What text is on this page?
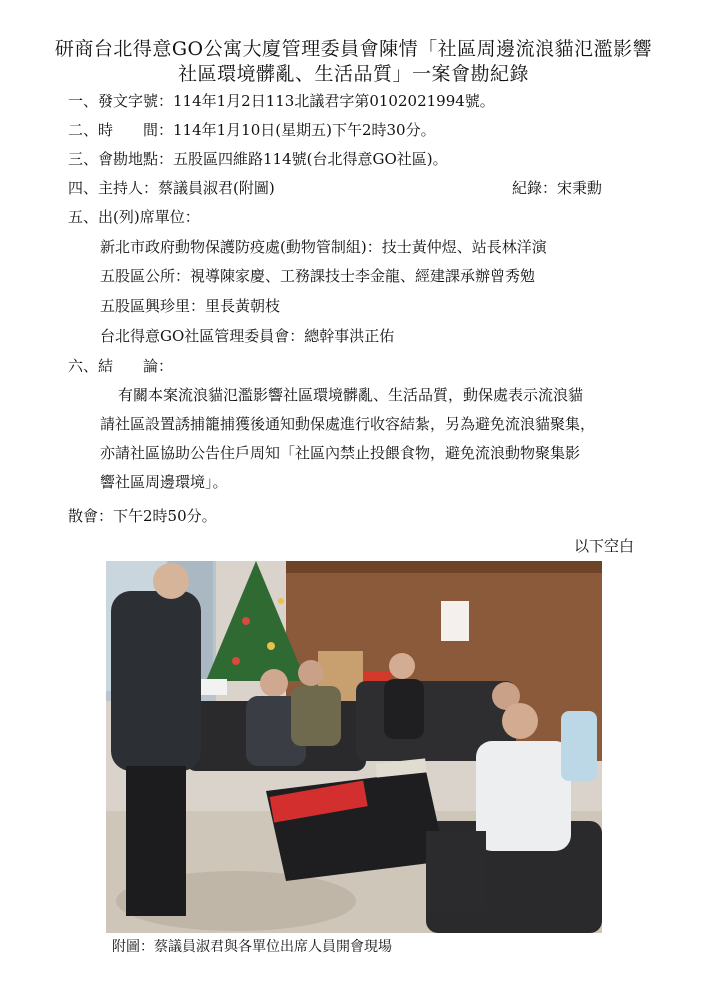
研商台北得意GO公寓大廈管理委員會陳情「社區周邊流浪貓氾濫影響
社區環境髒亂、生活品質」一案會勘紀錄
一、發文字號：114年1月2日113北議君字第0102021994號。
二、時　　間：114年1月10日(星期五)下午2時30分。
三、會勘地點：五股區四維路114號(台北得意GO社區)。
四、主持人：蔡議員淑君(附圖)	紀錄：宋秉勳
五、出(列)席單位：
新北市政府動物保護防疫處(動物管制組)：技士黃仲煜、站長林洋演
五股區公所：視導陳家慶、工務課技士李金龍、經建課承辦曾秀勉
五股區興珍里：里長黃朝枝
台北得意GO社區管理委員會：總幹事洪正佑
六、結　　論：
有關本案流浪貓氾濫影響社區環境髒亂、生活品質，動保處表示流浪貓
請社區設置誘捕籠捕獲後通知動保處進行收容結紮，另為避免流浪貓聚集，
亦請社區協助公告住戶周知「社區內禁止投餵食物，避免流浪動物聚集影
響社區周邊環境」。
散會：下午2時50分。
以下空白
附圖：蔡議員淑君與各單位出席人員開會現場
